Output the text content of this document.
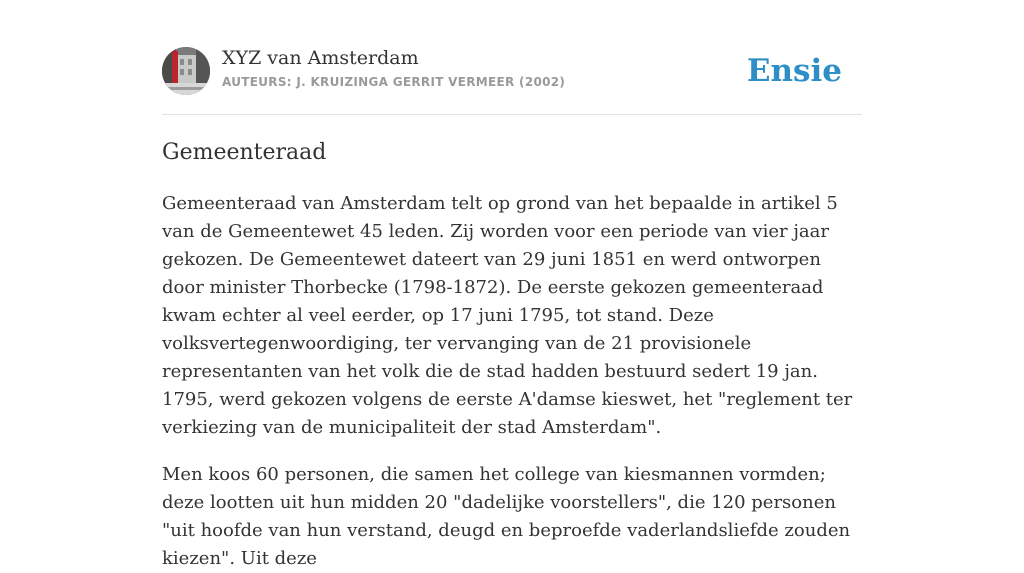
XYZ van Amsterdam
AUTEURS: J. KRUIZINGA GERRIT VERMEER (2002)	Ensie
Gemeenteraad

Gemeenteraad van Amsterdam telt op grond van het bepaalde in artikel 5 van de Gemeentewet 45 leden. Zij worden voor een periode van vier jaar gekozen. De Gemeentewet dateert van 29 juni 1851 en werd ontworpen door minister Thorbecke (1798-1872). De eerste gekozen gemeenteraad kwam echter al veel eerder, op 17 juni 1795, tot stand. Deze volksvertegenwoordiging, ter vervanging van de 21 provisionele representanten van het volk die de stad hadden bestuurd sedert 19 jan. 1795, werd gekozen volgens de eerste A'damse kieswet, het "reglement ter verkiezing van de municipaliteit der stad Amsterdam".

Men koos 60 personen, die samen het college van kiesmannen vormden; deze lootten uit hun midden 20 "dadelijke voorstellers", die 120 personen "uit hoofde van hun verstand, deugd en beproefde vaderlandsliefde zouden kiezen". Uit deze
